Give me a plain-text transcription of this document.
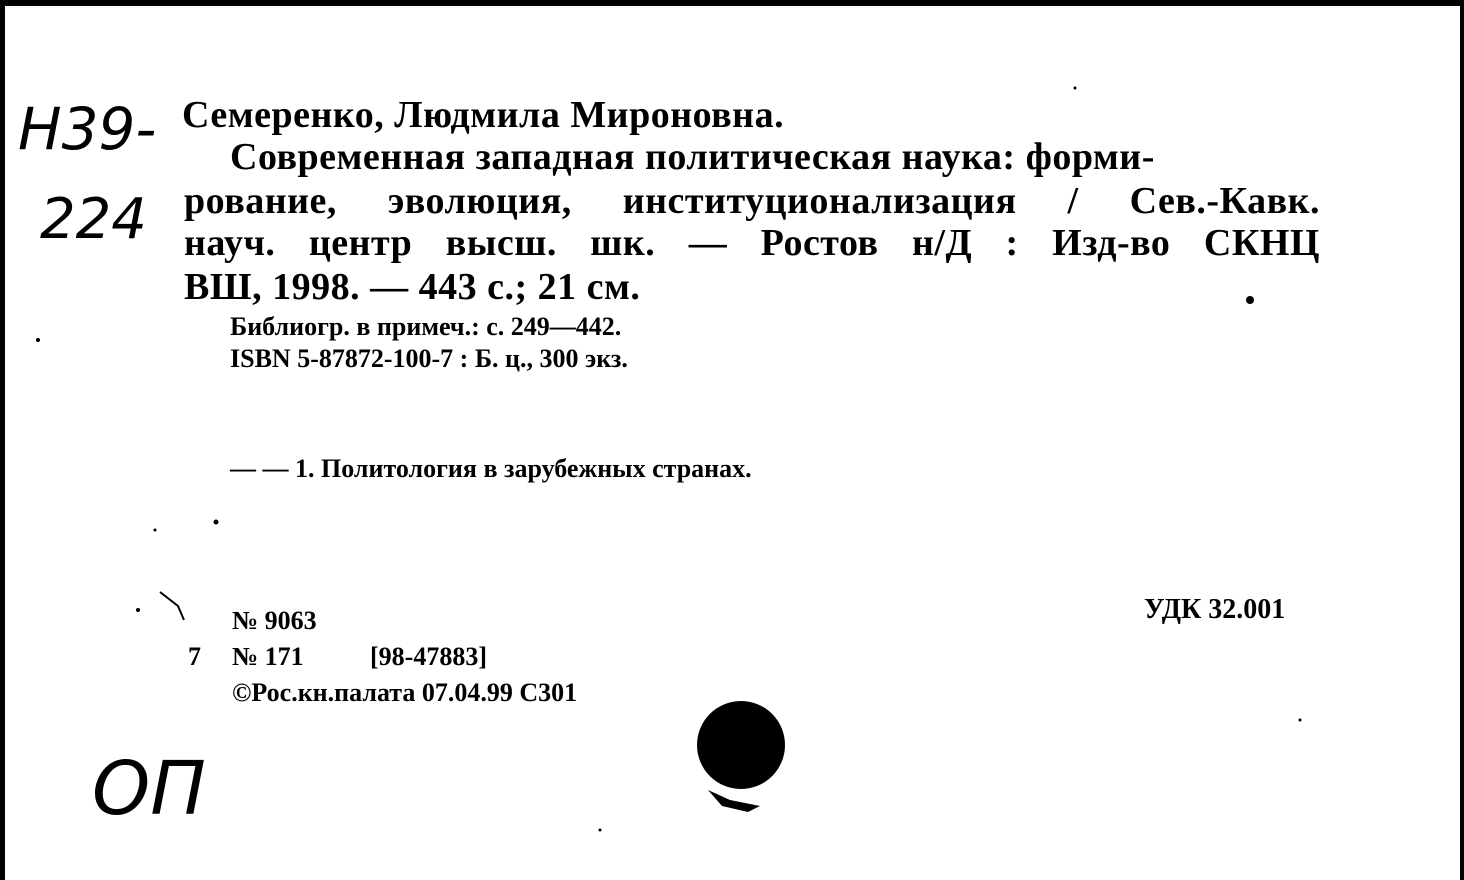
Н39-
224
Семеренко, Людмила Мироновна.
Современная западная политическая наука: форми-
рование, эволюция, институционализация / Сев.-Кавк.
науч. центр высш. шк. — Ростов н/Д : Изд-во СКНЦ
ВШ, 1998. — 443 с.; 21 см.
Библиогр. в примеч.: с. 249—442.
ISBN 5-87872-100-7 : Б. ц., 300 экз.
— — 1. Политология в зарубежных странах.
УДК 32.001
№ 9063
7 № 171	[98-47883]
©Рос.кн.палата 07.04.99 С301
ОП
